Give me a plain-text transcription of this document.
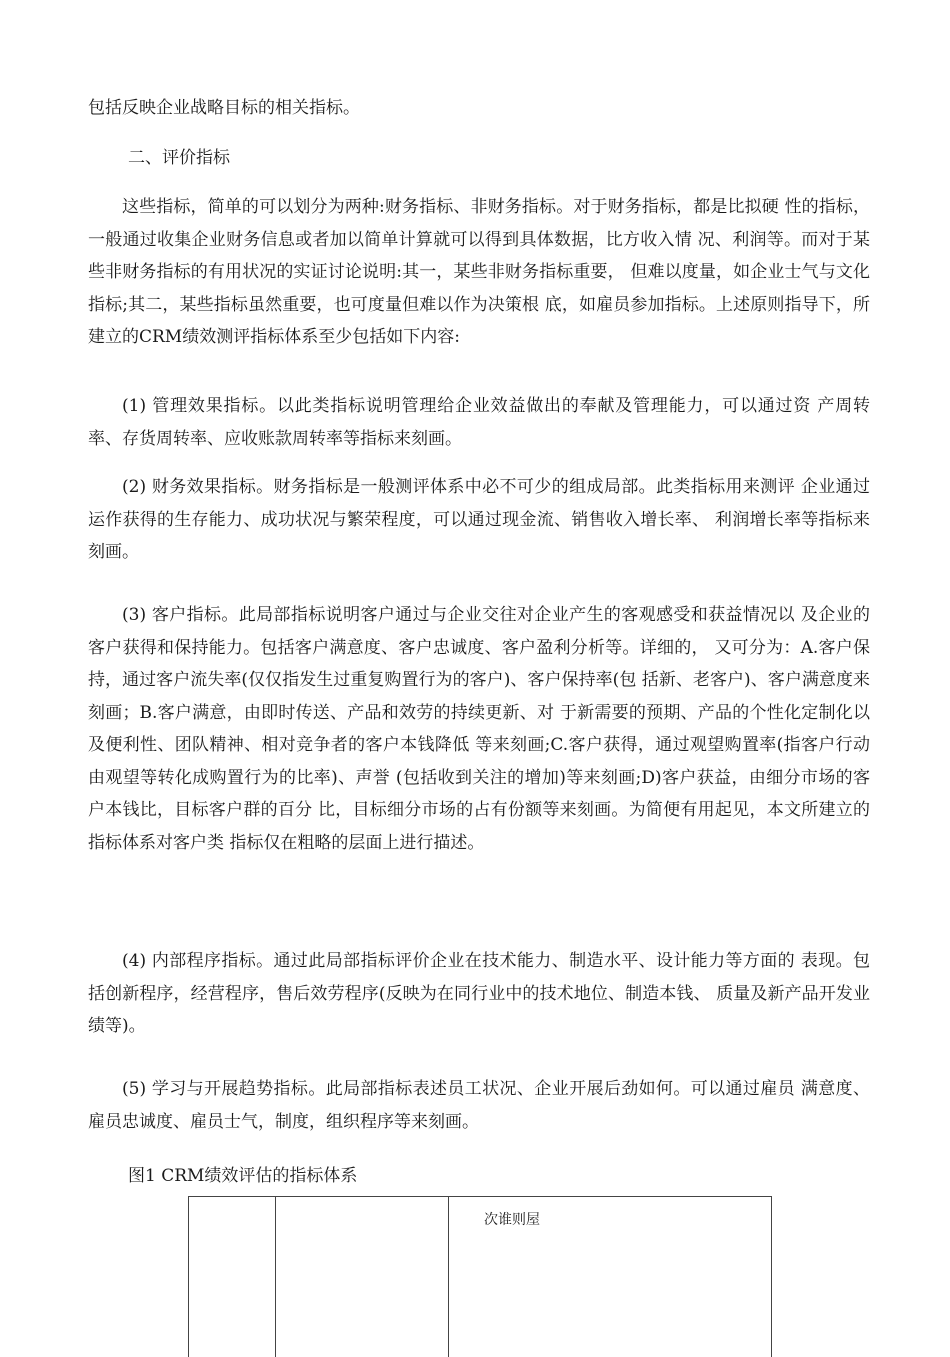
包括反映企业战略目标的相关指标。
二、评价指标
这些指标，简单的可以划分为两种:财务指标、非财务指标。对于财务指标，都是比拟硬 性的指标，一般通过收集企业财务信息或者加以简单计算就可以得到具体数据，比方收入情 况、利润等。而对于某些非财务指标的有用状况的实证讨论说明:其一，某些非财务指标重要， 但难以度量，如企业士气与文化指标;其二，某些指标虽然重要，也可度量但难以作为决策根 底，如雇员参加指标。上述原则指导下，所建立的CRM绩效测评指标体系至少包括如下内容:
(1) 管理效果指标。以此类指标说明管理给企业效益做出的奉献及管理能力，可以通过资 产周转率、存货周转率、应收账款周转率等指标来刻画。
(2) 财务效果指标。财务指标是一般测评体系中必不可少的组成局部。此类指标用来测评 企业通过运作获得的生存能力、成功状况与繁荣程度，可以通过现金流、销售收入增长率、 利润增长率等指标来刻画。
(3) 客户指标。此局部指标说明客户通过与企业交往对企业产生的客观感受和获益情况以 及企业的客户获得和保持能力。包括客户满意度、客户忠诚度、客户盈利分析等。详细的， 又可分为：A.客户保持，通过客户流失率(仅仅指发生过重复购置行为的客户)、客户保持率(包 括新、老客户)、客户满意度来刻画；B.客户满意，由即时传送、产品和效劳的持续更新、对 于新需要的预期、产品的个性化定制化以及便利性、团队精神、相对竞争者的客户本钱降低 等来刻画;C.客户获得，通过观望购置率(指客户行动由观望等转化成购置行为的比率)、声誉 (包括收到关注的增加)等来刻画;D)客户获益，由细分市场的客户本钱比，目标客户群的百分 比，目标细分市场的占有份额等来刻画。为简便有用起见，本文所建立的指标体系对客户类 指标仅在粗略的层面上进行描述。
(4) 内部程序指标。通过此局部指标评价企业在技术能力、制造水平、设计能力等方面的 表现。包括创新程序，经营程序，售后效劳程序(反映为在同行业中的技术地位、制造本钱、 质量及新产品开发业绩等)。
(5) 学习与开展趋势指标。此局部指标表述员工状况、企业开展后劲如何。可以通过雇员 满意度、雇员忠诚度、雇员士气，制度，组织程序等来刻画。
图1 CRM绩效评估的指标体系
次谁则屋
